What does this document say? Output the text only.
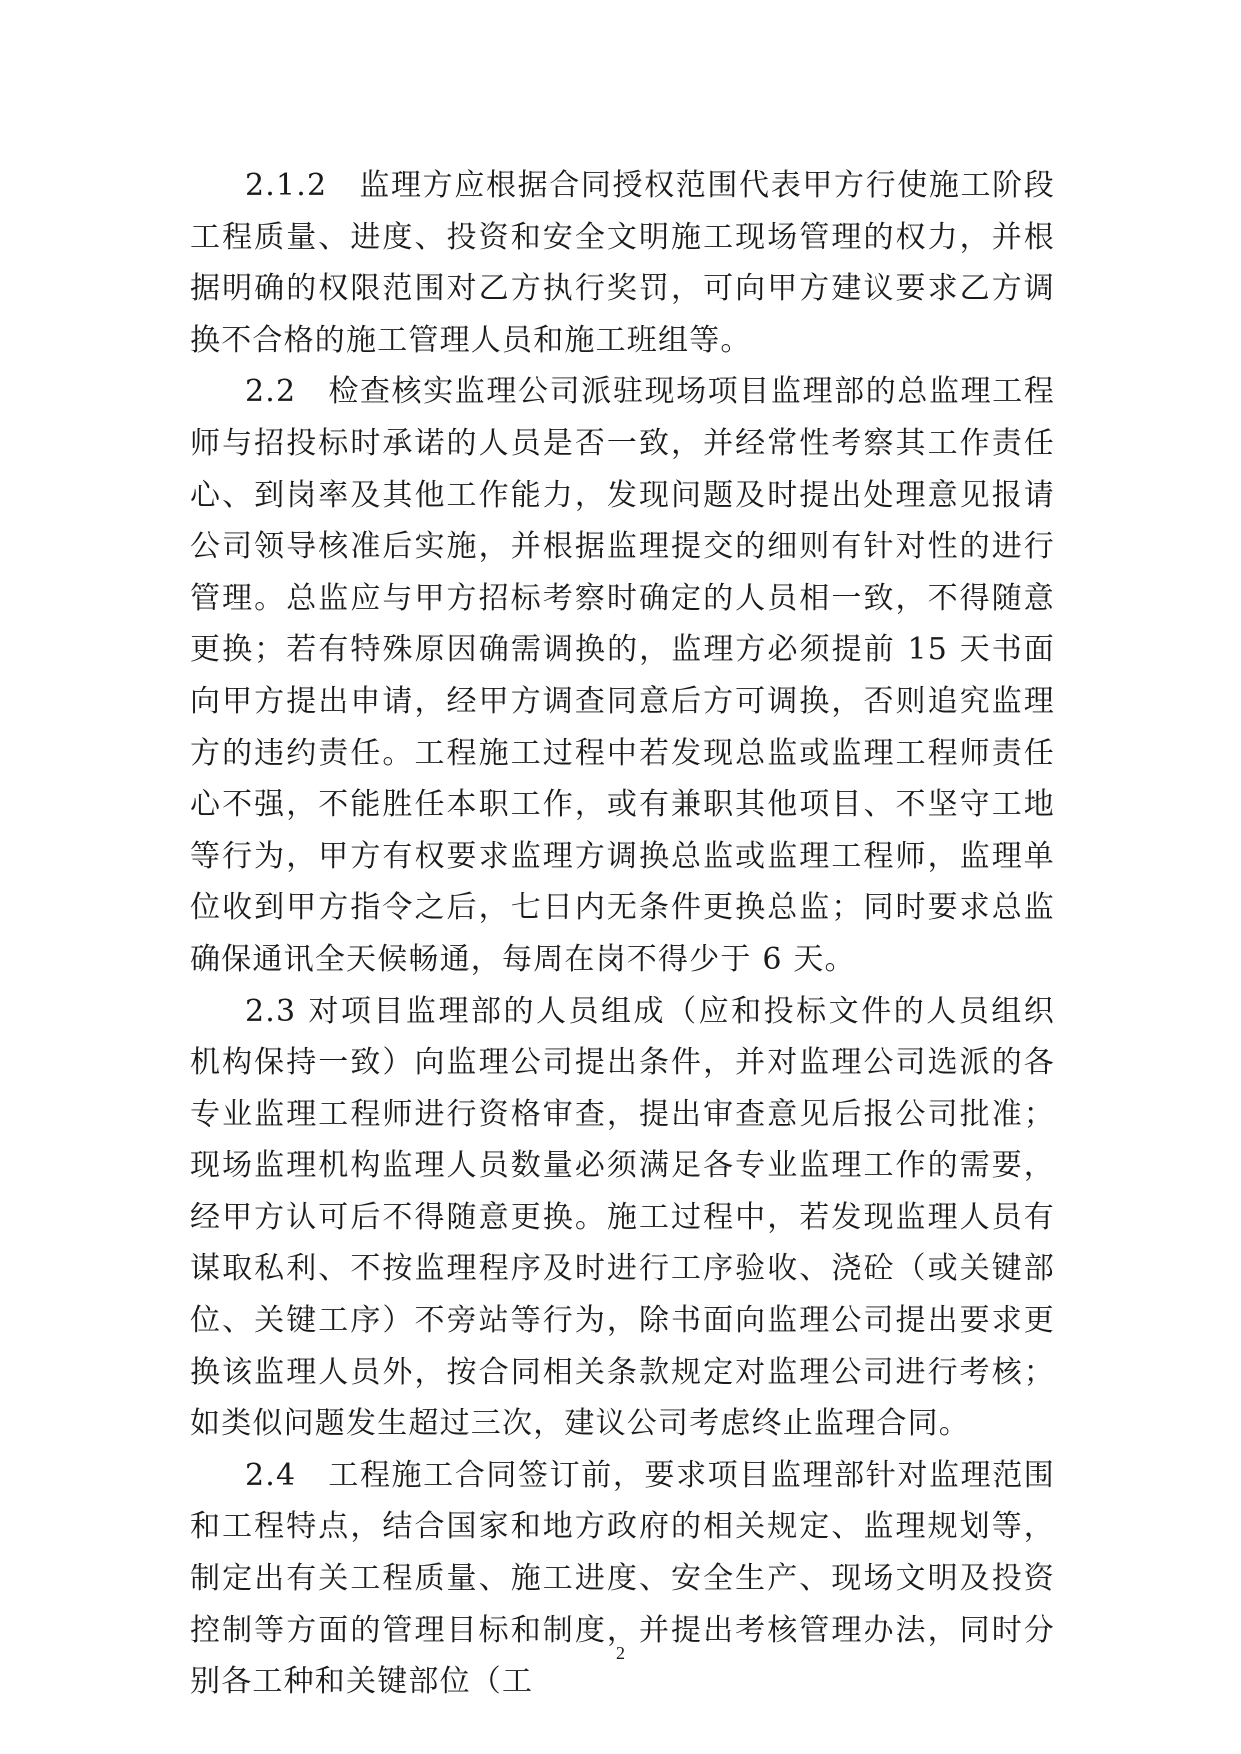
2.1.2　监理方应根据合同授权范围代表甲方行使施工阶段工程质量、进度、投资和安全文明施工现场管理的权力，并根据明确的权限范围对乙方执行奖罚，可向甲方建议要求乙方调换不合格的施工管理人员和施工班组等。

2.2　检查核实监理公司派驻现场项目监理部的总监理工程师与招投标时承诺的人员是否一致，并经常性考察其工作责任心、到岗率及其他工作能力，发现问题及时提出处理意见报请公司领导核准后实施，并根据监理提交的细则有针对性的进行管理。总监应与甲方招标考察时确定的人员相一致，不得随意更换；若有特殊原因确需调换的，监理方必须提前 15 天书面向甲方提出申请，经甲方调查同意后方可调换，否则追究监理方的违约责任。工程施工过程中若发现总监或监理工程师责任心不强，不能胜任本职工作，或有兼职其他项目、不坚守工地等行为，甲方有权要求监理方调换总监或监理工程师，监理单位收到甲方指令之后，七日内无条件更换总监；同时要求总监确保通讯全天候畅通，每周在岗不得少于 6 天。

2.3 对项目监理部的人员组成（应和投标文件的人员组织机构保持一致）向监理公司提出条件，并对监理公司选派的各专业监理工程师进行资格审查，提出审查意见后报公司批准；现场监理机构监理人员数量必须满足各专业监理工作的需要，经甲方认可后不得随意更换。施工过程中，若发现监理人员有谋取私利、不按监理程序及时进行工序验收、浇砼（或关键部位、关键工序）不旁站等行为，除书面向监理公司提出要求更换该监理人员外，按合同相关条款规定对监理公司进行考核；如类似问题发生超过三次，建议公司考虑终止监理合同。

2.4　工程施工合同签订前，要求项目监理部针对监理范围和工程特点，结合国家和地方政府的相关规定、监理规划等，制定出有关工程质量、施工进度、安全生产、现场文明及投资控制等方面的管理目标和制度，并提出考核管理办法，同时分别各工种和关键部位（工

2
